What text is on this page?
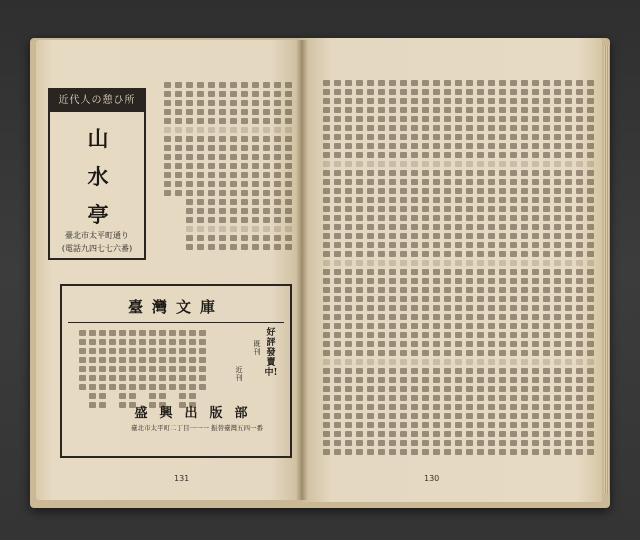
近代人の憩ひ所
山
水
亭
臺北市太平町通り
(電話九四七七六番)
臺灣文庫
好評發賣中!
既刊
近刊
盛興出版部
臺北市太平町二丁目一一一 振替臺灣五四一番
131	130
